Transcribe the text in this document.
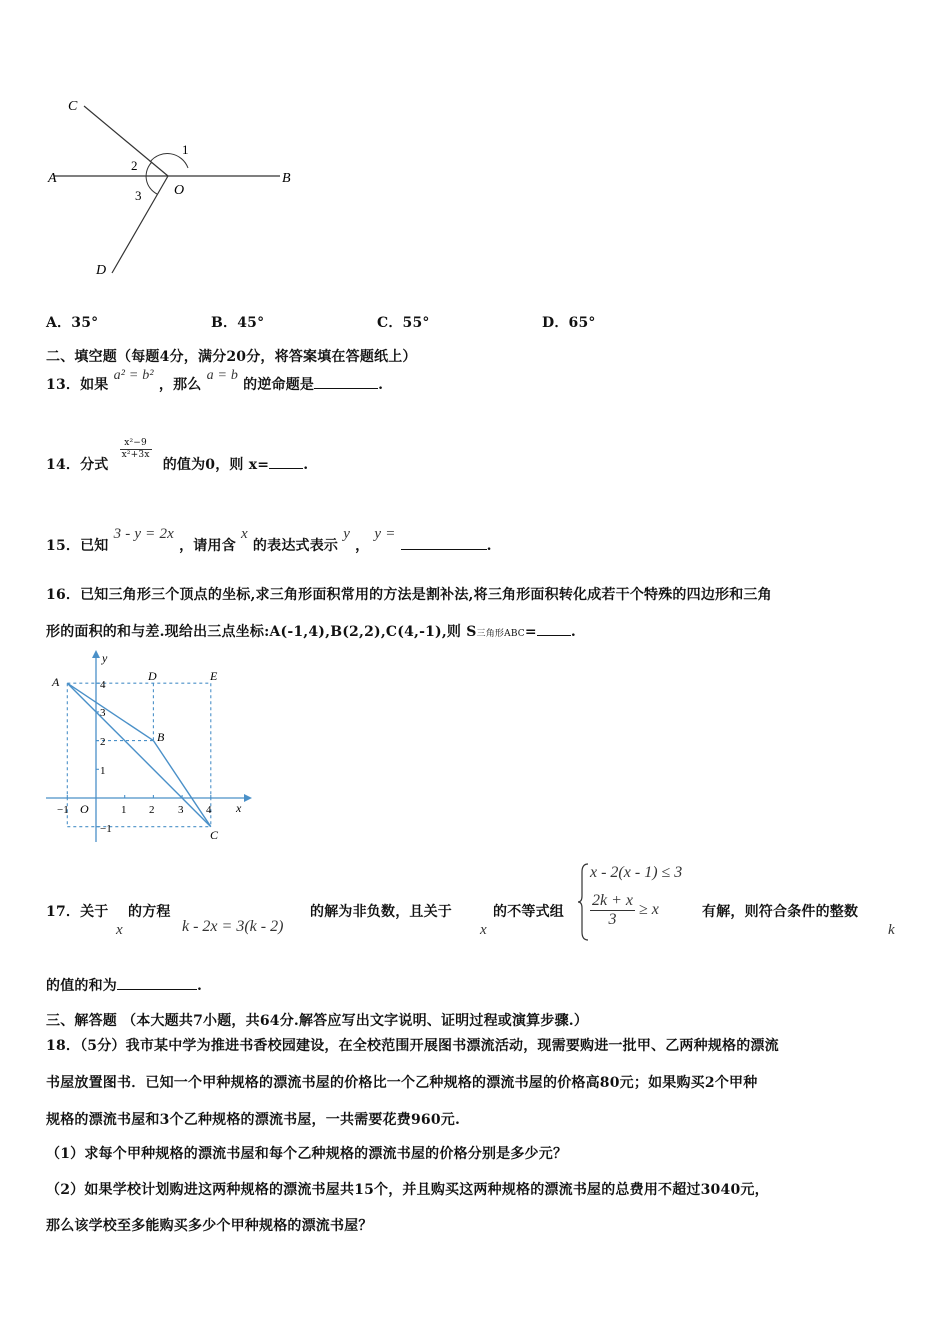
C
A	B
D
O
1
2
3
A．35°	B．45°	C．55°	D．65°
二、填空题（每题4分，满分20分，将答案填在答题纸上）
13．如果 a² = b² ，那么 a = b 的逆命题是	.
14．分式
$\frac{\text{x²−9}}{\text{x²+3x}}$
的值为0，则 x= .
15．已知 3 - y = 2x ，请用含 x 的表达式表示 y ， y = .
16．已知三角形三个顶点的坐标,求三角形面积常用的方法是割补法,将三角形面积转化成若干个特殊的四边形和三角
形的面积的和与差.现给出三点坐标:A(-1,4),B(2,2),C(4,-1),则 S三角形ABC= .
x
y
O
−1	1 2 3 4
4
3
2
1
−1
A
B
C
D	E
17．关于 的方程
x	k - 2x = 3(k - 2)
的解为非负数，且关于
x
的不等式组
x - 2(x - 1) ≤ 3
$\frac{2k + x}{3} \ge x$	有解，则符合条件的整数
k
的值的和为	.
三、解答题 （本大题共7小题，共64分.解答应写出文字说明、证明过程或演算步骤.）
18．（5分）我市某中学为推进书香校园建设，在全校范围开展图书漂流活动，现需要购进一批甲、乙两种规格的漂流
书屋放置图书．已知一个甲种规格的漂流书屋的价格比一个乙种规格的漂流书屋的价格高80元；如果购买2个甲种
规格的漂流书屋和3个乙种规格的漂流书屋，一共需要花费960元.
（1）求每个甲种规格的漂流书屋和每个乙种规格的漂流书屋的价格分别是多少元？
（2）如果学校计划购进这两种规格的漂流书屋共15个，并且购买这两种规格的漂流书屋的总费用不超过3040元，
那么该学校至多能购买多少个甲种规格的漂流书屋？
